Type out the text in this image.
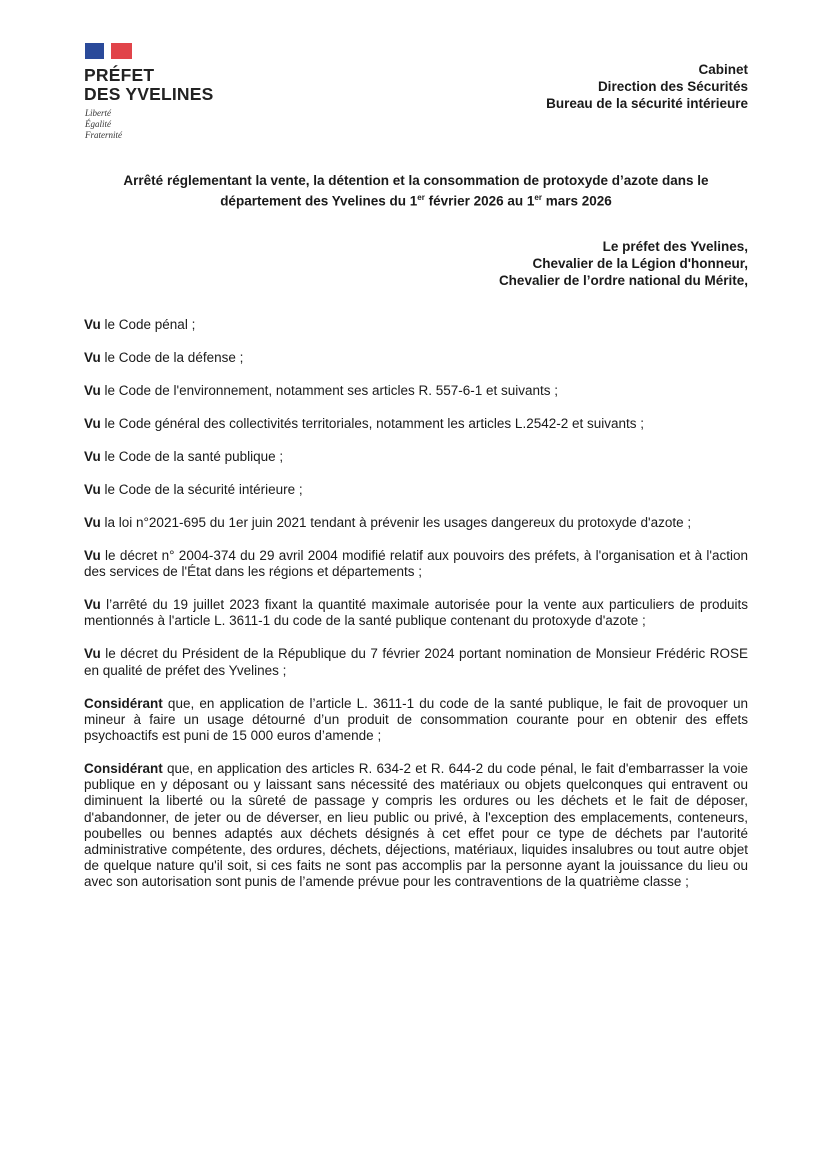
PRÉFET
DES YVELINES
Liberté
Égalité
Fraternité
Cabinet
Direction des Sécurités
Bureau de la sécurité intérieure
Arrêté réglementant la vente, la détention et la consommation de protoxyde d’azote dans le département des Yvelines du 1er février 2026 au 1er mars 2026
Le préfet des Yvelines,
Chevalier de la Légion d'honneur,
Chevalier de l’ordre national du Mérite,

Vu le Code pénal ;

Vu le Code de la défense ;

Vu le Code de l'environnement, notamment ses articles R. 557-6-1 et suivants ;

Vu le Code général des collectivités territoriales, notamment les articles L.2542-2 et suivants ;

Vu le Code de la santé publique ;

Vu le Code de la sécurité intérieure ;

Vu la loi n°2021-695 du 1er juin 2021 tendant à prévenir les usages dangereux du protoxyde d'azote ;

Vu le décret n° 2004-374 du 29 avril 2004 modifié relatif aux pouvoirs des préfets, à l'organisation et à l'action des services de l'État dans les régions et départements ;

Vu l’arrêté du 19 juillet 2023 fixant la quantité maximale autorisée pour la vente aux particuliers de produits mentionnés à l'article L. 3611-1 du code de la santé publique contenant du protoxyde d'azote ;

Vu le décret du Président de la République du 7 février 2024 portant nomination de Monsieur Frédéric ROSE en qualité de préfet des Yvelines ;

Considérant que, en application de l’article L. 3611-1 du code de la santé publique, le fait de provoquer un mineur à faire un usage détourné d’un produit de consommation courante pour en obtenir des effets psychoactifs est puni de 15 000 euros d’amende ;

Considérant que, en application des articles R. 634-2 et R. 644-2 du code pénal, le fait d'embarrasser la voie publique en y déposant ou y laissant sans nécessité des matériaux ou objets quelconques qui entravent ou diminuent la liberté ou la sûreté de passage y compris les ordures ou les déchets et le fait de déposer, d'abandonner, de jeter ou de déverser, en lieu public ou privé, à l'exception des emplacements, conteneurs, poubelles ou bennes adaptés aux déchets désignés à cet effet pour ce type de déchets par l'autorité administrative compétente, des ordures, déchets, déjections, matériaux, liquides insalubres ou tout autre objet de quelque nature qu'il soit, si ces faits ne sont pas accomplis par la personne ayant la jouissance du lieu ou avec son autorisation sont punis de l’amende prévue pour les contraventions de la quatrième classe ;
